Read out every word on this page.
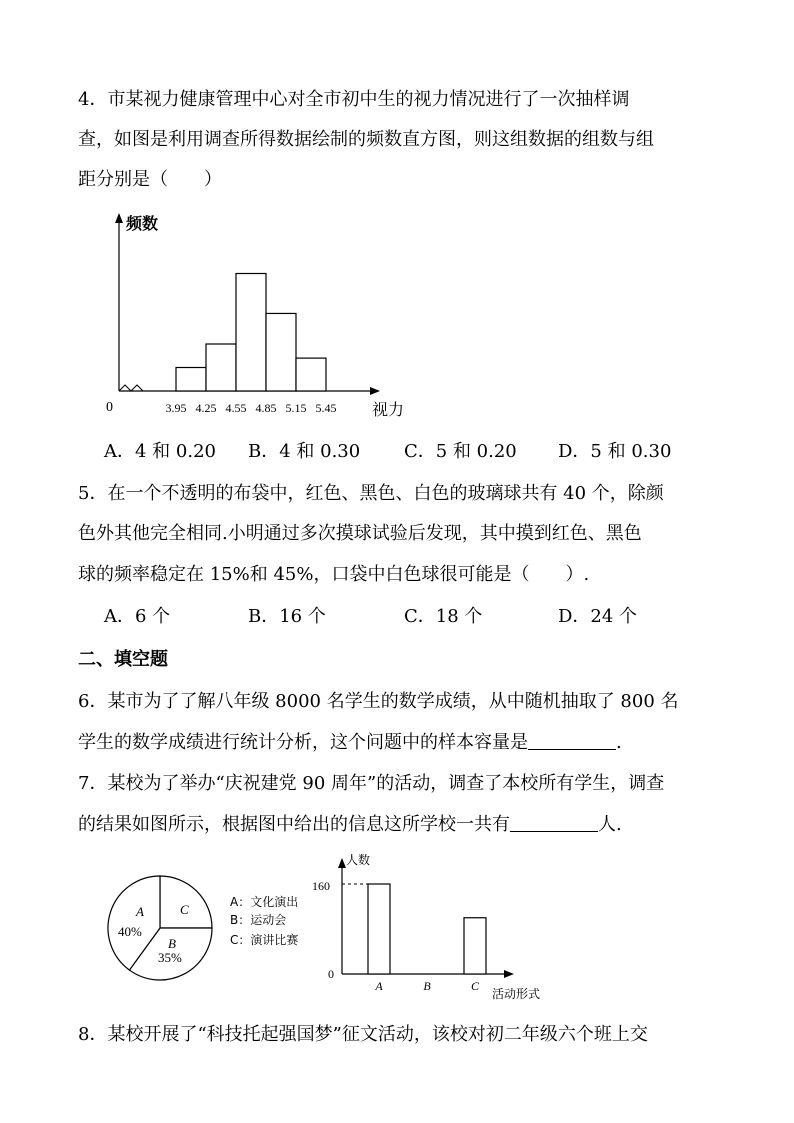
4．市某视力健康管理中心对全市初中生的视力情况进行了一次抽样调
查，如图是利用调查所得数据绘制的频数直方图，则这组数据的组数与组
距分别是（　　）
频数
视力
0	3.95 4.25 4.55 4.85 5.15 5.45
A．4 和 0.20 B．4 和 0.30 C．5 和 0.20 D．5 和 0.30
5．在一个不透明的布袋中，红色、黑色、白色的玻璃球共有 40 个，除颜
色外其他完全相同.小明通过多次摸球试验后发现，其中摸到红色、黑色
球的频率稳定在 15%和 45%，口袋中白色球很可能是（　　）.
A．6 个	B．16 个	C．18 个	D．24 个
二、填空题
6．某市为了了解八年级 8000 名学生的数学成绩，从中随机抽取了 800 名
学生的数学成绩进行统计分析，这个问题中的样本容量是	.
7．某校为了举办“庆祝建党 90 周年”的活动，调查了本校所有学生，调查
的结果如图所示，根据图中给出的信息这所学校一共有	人.
A
40%
B
35%
C	A：文化演出
B：运动会
C：演讲比赛
人数
活动形式
160
0
A	B	C
8．某校开展了“科技托起强国梦”征文活动，该校对初二年级六个班上交
